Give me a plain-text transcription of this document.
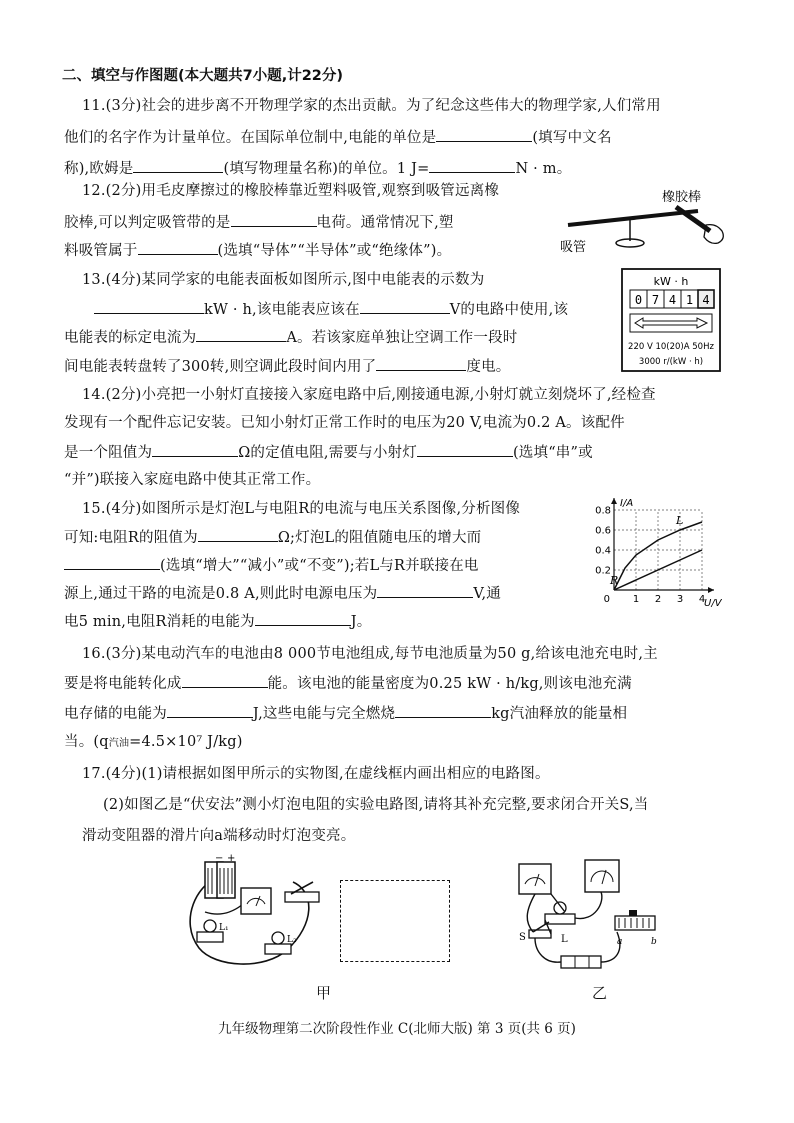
二、填空与作图题(本大题共7小题,计22分)
11.(3分)社会的进步离不开物理学家的杰出贡献。为了纪念这些伟大的物理学家,人们常用
他们的名字作为计量单位。在国际单位制中,电能的单位是	(填写中文名
称),欧姆是	(填写物理量名称)的单位。1 J=	N · m。
12.(2分)用毛皮摩擦过的橡胶棒靠近塑料吸管,观察到吸管远离橡
胶棒,可以判定吸管带的是	电荷。通常情况下,塑
料吸管属于	(选填“导体”“半导体”或“绝缘体”)。
橡胶棒
吸管
13.(4分)某同学家的电能表面板如图所示,图中电能表的示数为
kW · h,该电能表应该在	V的电路中使用,该
电能表的标定电流为	A。若该家庭单独让空调工作一段时
间电能表转盘转了300转,则空调此段时间内用了	度电。
kW · h
0 7 4 1 4
220 V 10(20)A 50Hz
3000 r/(kW · h)
14.(2分)小亮把一小射灯直接接入家庭电路中后,刚接通电源,小射灯就立刻烧坏了,经检查
发现有一个配件忘记安装。已知小射灯正常工作时的电压为20 V,电流为0.2 A。该配件
是一个阻值为	Ω的定值电阻,需要与小射灯	(选填“串”或
“并”)联接入家庭电路中使其正常工作。
15.(4分)如图所示是灯泡L与电阻R的电流与电压关系图像,分析图像
可知:电阻R的阻值为	Ω;灯泡L的阻值随电压的增大而
(选填“增大”“减小”或“不变”);若L与R并联接在电
源上,通过干路的电流是0.8 A,则此时电源电压为	V,通
电5 min,电阻R消耗的电能为	J。
1 2 3 4
0.2
0.4
0.6
0.8
I/A
U/V
0
L
R
16.(3分)某电动汽车的电池由8 000节电池组成,每节电池质量为50 g,给该电池充电时,主
要是将电能转化成	能。该电池的能量密度为0.25 kW · h/kg,则该电池充满
电存储的电能为	J,这些电能与完全燃烧	kg汽油释放的能量相
当。(q汽油=4.5×10⁷ J/kg)
17.(4分)(1)请根据如图甲所示的实物图,在虚线框内画出相应的电路图。
(2)如图乙是“伏安法”测小灯泡电阻的实验电路图,请将其补充完整,要求闭合开关S,当
滑动变阻器的滑片向a端移动时灯泡变亮。
− +
L₁
L₂
甲
L
S	a	b
乙
九年级物理第二次阶段性作业 C(北师大版) 第 3 页(共 6 页)
